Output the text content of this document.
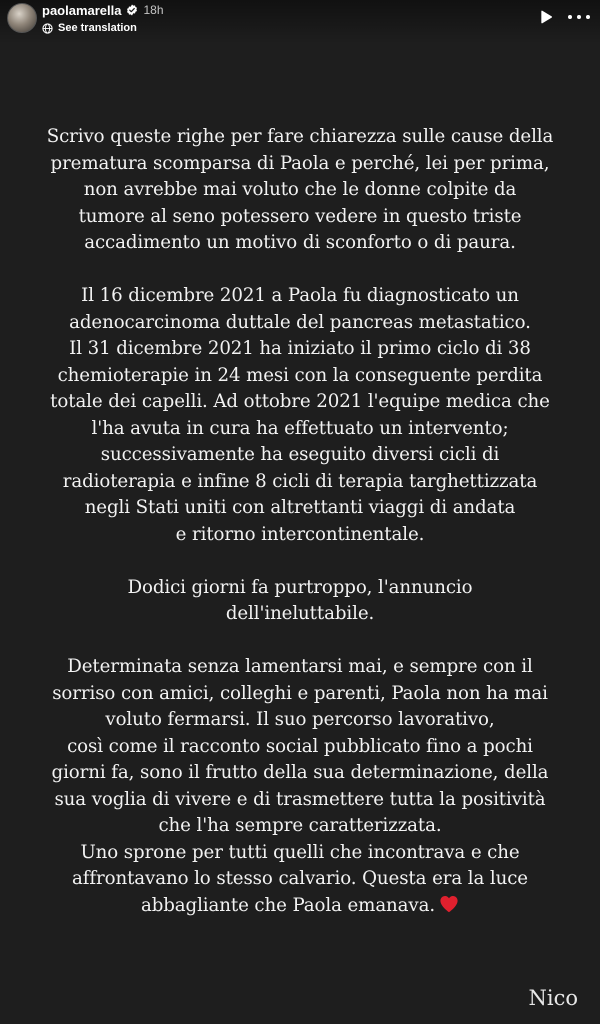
paolamarella 18h
See translation
Scrivo queste righe per fare chiarezza sulle cause della
prematura scomparsa di Paola e perché, lei per prima,
non avrebbe mai voluto che le donne colpite da
tumore al seno potessero vedere in questo triste
accadimento un motivo di sconforto o di paura.
Il 16 dicembre 2021 a Paola fu diagnosticato un
adenocarcinoma duttale del pancreas metastatico.
Il 31 dicembre 2021 ha iniziato il primo ciclo di 38
chemioterapie in 24 mesi con la conseguente perdita
totale dei capelli. Ad ottobre 2021 l'equipe medica che
l'ha avuta in cura ha effettuato un intervento;
successivamente ha eseguito diversi cicli di
radioterapia e infine 8 cicli di terapia targhettizzata
negli Stati uniti con altrettanti viaggi di andata
e ritorno intercontinentale.
Dodici giorni fa purtroppo, l'annuncio
dell'ineluttabile.
Determinata senza lamentarsi mai, e sempre con il
sorriso con amici, colleghi e parenti, Paola non ha mai
voluto fermarsi. Il suo percorso lavorativo,
così come il racconto social pubblicato fino a pochi
giorni fa, sono il frutto della sua determinazione, della
sua voglia di vivere e di trasmettere tutta la positività
che l'ha sempre caratterizzata.
Uno sprone per tutti quelli che incontrava e che
affrontavano lo stesso calvario. Questa era la luce
abbagliante che Paola emanava.
Nico
